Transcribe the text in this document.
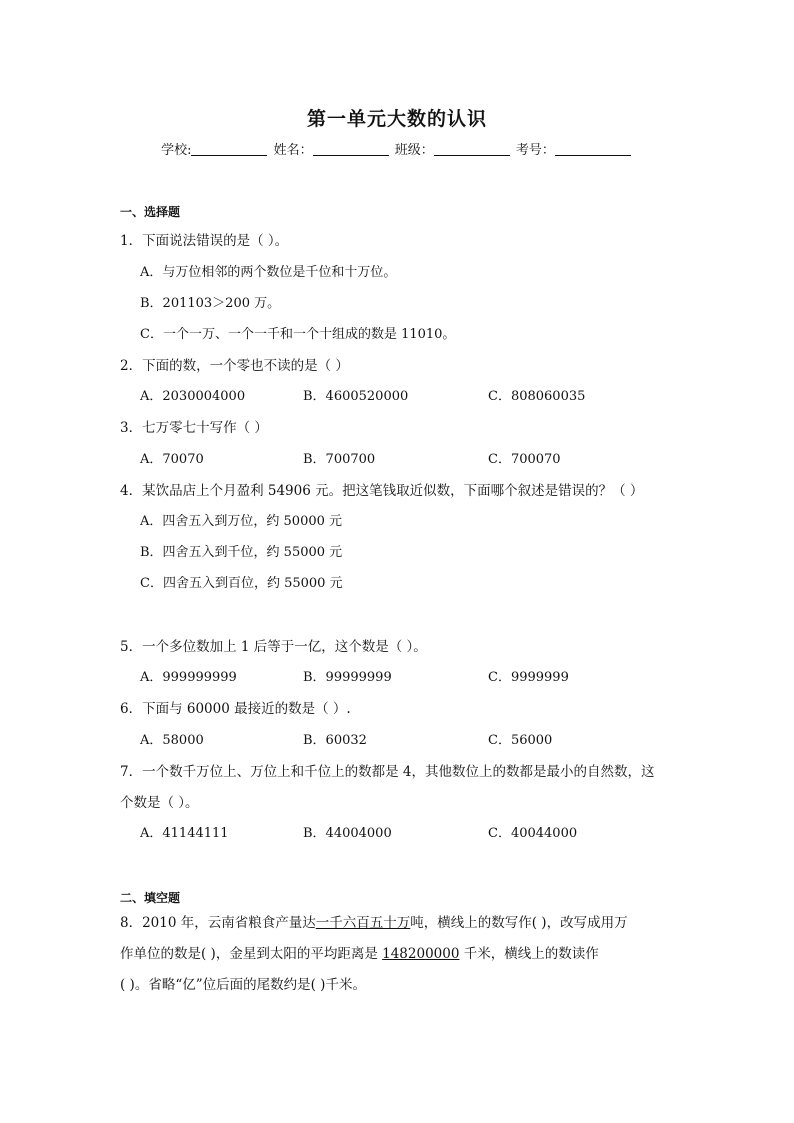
第一单元大数的认识
学校:	姓名：	班级：	考号：
一、选择题
1．下面说法错误的是（ ）。
A．与万位相邻的两个数位是千位和十万位。
B．201103＞200 万。
C．一个一万、一个一千和一个十组成的数是 11010。
2．下面的数，一个零也不读的是（ ）
A．2030004000	B．4600520000	C．808060035
3．七万零七十写作（ ）
A．70070	B．700700	C．700070
4．某饮品店上个月盈利 54906 元。把这笔钱取近似数，下面哪个叙述是错误的？（ ）
A．四舍五入到万位，约 50000 元
B．四舍五入到千位，约 55000 元
C．四舍五入到百位，约 55000 元
5．一个多位数加上 1 后等于一亿，这个数是（ ）。
A．999999999	B．99999999	C．9999999
6．下面与 60000 最接近的数是（ ）.
A．58000	B．60032	C．56000
7．一个数千万位上、万位上和千位上的数都是 4，其他数位上的数都是最小的自然数，这
个数是（ ）。
A．41144111	B．44004000	C．40044000
二、填空题
8．2010 年，云南省粮食产量达一千六百五十万吨，横线上的数写作( )，改写成用万
作单位的数是( )，金星到太阳的平均距离是 148200000 千米，横线上的数读作
( )。省略“亿”位后面的尾数约是( )千米。
